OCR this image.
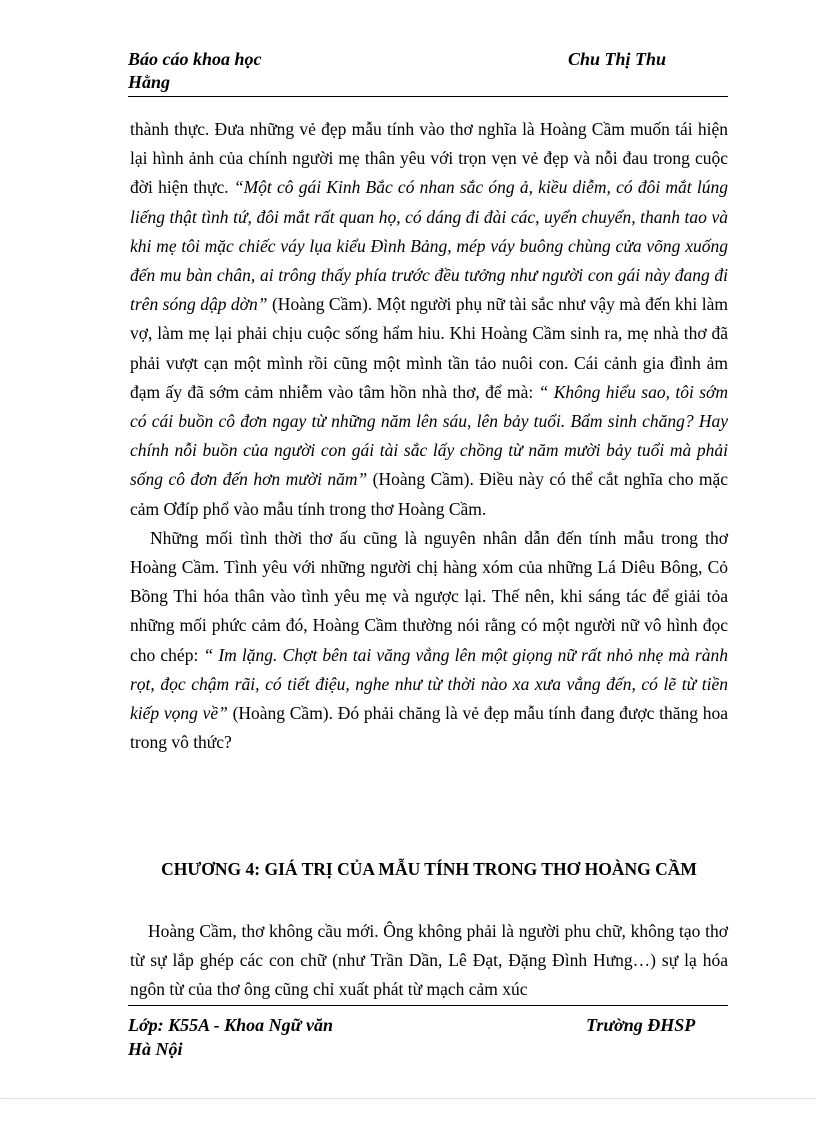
Báo cáo khoa học	Chu Thị Thu
Hằng

thành thực. Đưa những vẻ đẹp mẫu tính vào thơ nghĩa là Hoàng Cầm muốn tái hiện lại hình ảnh của chính người mẹ thân yêu với trọn vẹn vẻ đẹp và nỗi đau trong cuộc đời hiện thực. “Một cô gái Kinh Bắc có nhan sắc óng ả, kiều diễm, có đôi mắt lúng liếng thật tình tứ, đôi mắt rất quan họ, có dáng đi đài các, uyển chuyển, thanh tao và khi mẹ tôi mặc chiếc váy lụa kiểu Đình Bảng, mép váy buông chùng cửa võng xuống đến mu bàn chân, ai trông thấy phía trước đều tưởng như người con gái này đang đi trên sóng dập dờn” (Hoàng Cầm). Một người phụ nữ tài sắc như vậy mà đến khi làm vợ, làm mẹ lại phải chịu cuộc sống hẩm hiu. Khi Hoàng Cầm sinh ra, mẹ nhà thơ đã phải vượt cạn một mình rồi cũng một mình tần tảo nuôi con. Cái cảnh gia đình ảm đạm ấy đã sớm cảm nhiễm vào tâm hồn nhà thơ, để mà: “ Không hiểu sao, tôi sớm có cái buồn cô đơn ngay từ những năm lên sáu, lên bảy tuổi. Bẩm sinh chăng? Hay chính nỗi buồn của người con gái tài sắc lấy chồng từ năm mười bảy tuổi mà phải sống cô đơn đến hơn mười năm” (Hoàng Cầm). Điều này có thể cắt nghĩa cho mặc cảm Ơđíp phổ vào mẫu tính trong thơ Hoàng Cầm.

Những mối tình thời thơ ấu cũng là nguyên nhân dẫn đến tính mẫu trong thơ Hoàng Cầm. Tình yêu với những người chị hàng xóm của những Lá Diêu Bông, Cỏ Bồng Thi hóa thân vào tình yêu mẹ và ngược lại. Thế nên, khi sáng tác để giải tỏa những mối phức cảm đó, Hoàng Cầm thường nói rằng có một người nữ vô hình đọc cho chép: “ Im lặng. Chợt bên tai văng vẳng lên một giọng nữ rất nhỏ nhẹ mà rành rọt, đọc chậm rãi, có tiết điệu, nghe như từ thời nào xa xưa vẳng đến, có lẽ từ tiền kiếp vọng về” (Hoàng Cầm). Đó phải chăng là vẻ đẹp mẫu tính đang được thăng hoa trong vô thức?

CHƯƠNG 4: GIÁ TRỊ CỦA MẪU TÍNH TRONG THƠ HOÀNG CẦM

Hoàng Cầm, thơ không cầu mới. Ông không phải là người phu chữ, không tạo thơ từ sự lắp ghép các con chữ (như Trần Dần, Lê Đạt, Đặng Đình Hưng…) sự lạ hóa ngôn từ của thơ ông cũng chỉ xuất phát từ mạch cảm xúc

Lớp: K55A - Khoa Ngữ văn	Trường ĐHSP
Hà Nội
